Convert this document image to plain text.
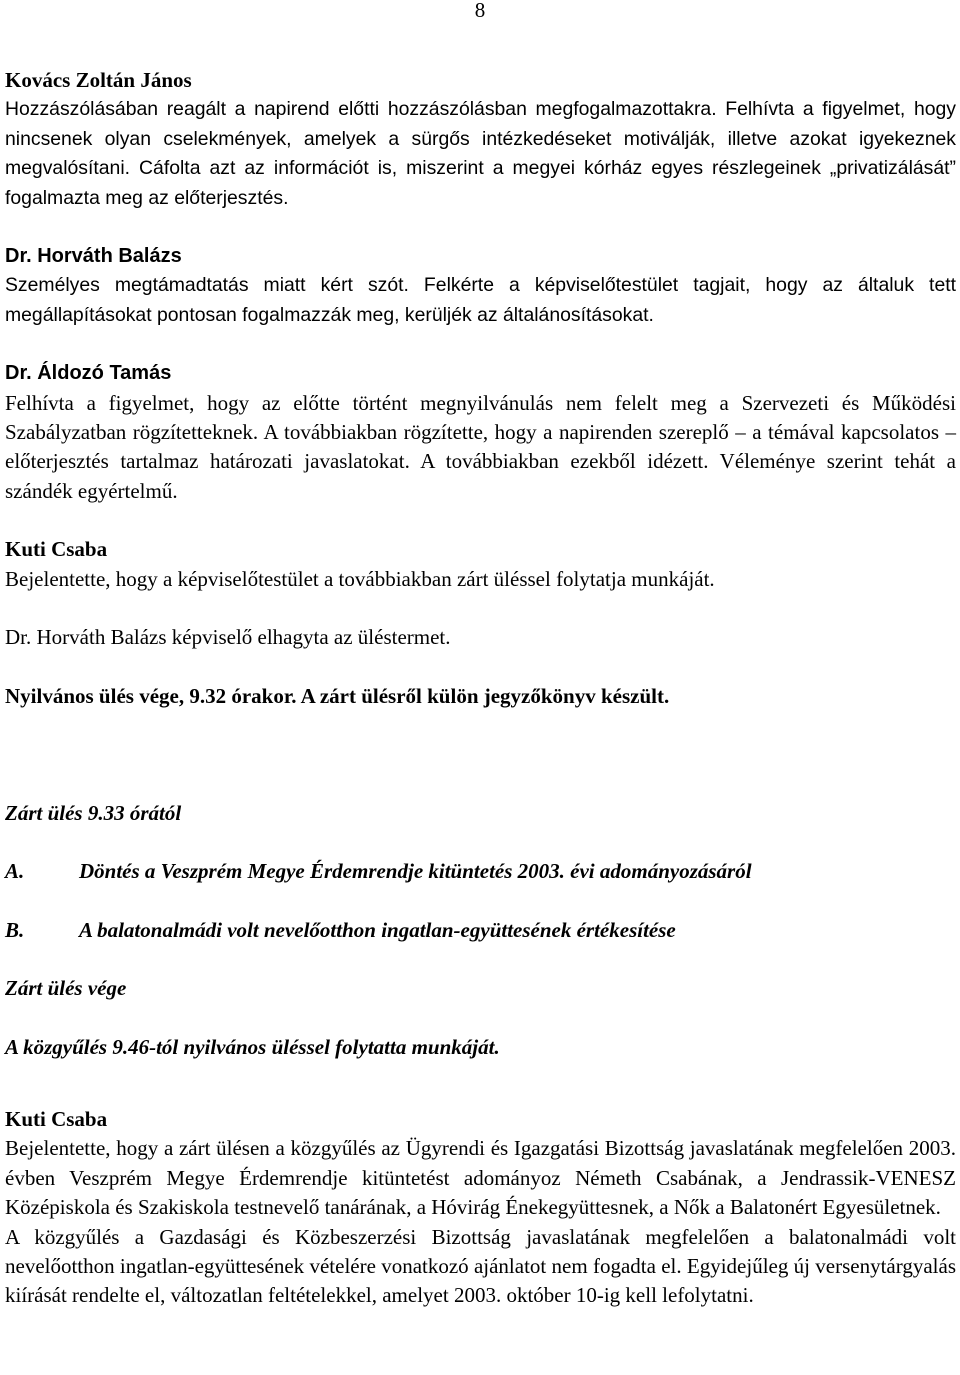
8

Kovács Zoltán János

Hozzászólásában reagált a napirend előtti hozzászólásban megfogalmazottakra. Felhívta a figyelmet, hogy nincsenek olyan cselekmények, amelyek a sürgős intézkedéseket motiválják, illetve azokat igyekeznek megvalósítani. Cáfolta azt az információt is, miszerint a megyei kórház egyes részlegeinek „privatizálását” fogalmazta meg az előterjesztés.

Dr. Horváth Balázs

Személyes megtámadtatás miatt kért szót. Felkérte a képviselőtestület tagjait, hogy az általuk tett megállapításokat pontosan fogalmazzák meg, kerüljék az általánosításokat.

Dr. Áldozó Tamás

Felhívta a figyelmet, hogy az előtte történt megnyilvánulás nem felelt meg a Szervezeti és Működési Szabályzatban rögzítetteknek. A továbbiakban rögzítette, hogy a napirenden szereplő – a témával kapcsolatos – előterjesztés tartalmaz határozati javaslatokat. A továbbiakban ezekből idézett. Véleménye szerint tehát a szándék egyértelmű.

Kuti Csaba

Bejelentette, hogy a képviselőtestület a továbbiakban zárt üléssel folytatja munkáját.

Dr. Horváth Balázs képviselő elhagyta az üléstermet.

Nyilvános ülés vége, 9.32 órakor. A zárt ülésről külön jegyzőkönyv készült.

Zárt ülés 9.33 órától

A.	Döntés a Veszprém Megye Érdemrendje kitüntetés 2003. évi adományozásáról
B.	A balatonalmádi volt nevelőotthon ingatlan-együttesének értékesítése

Zárt ülés vége

A közgyűlés 9.46-tól nyilvános üléssel folytatta munkáját.

Kuti Csaba

Bejelentette, hogy a zárt ülésen a közgyűlés az Ügyrendi és Igazgatási Bizottság javaslatának megfelelően 2003. évben Veszprém Megye Érdemrendje kitüntetést adományoz Németh Csabának, a Jendrassik-VENESZ Középiskola és Szakiskola testnevelő tanárának, a Hóvirág Énekegyüttesnek, a Nők a Balatonért Egyesületnek.

A közgyűlés a Gazdasági és Közbeszerzési Bizottság javaslatának megfelelően a balatonalmádi volt nevelőotthon ingatlan-együttesének vételére vonatkozó ajánlatot nem fogadta el. Egyidejűleg új versenytárgyalás kiírását rendelte el, változatlan feltételekkel, amelyet 2003. október 10-ig kell lefolytatni.
